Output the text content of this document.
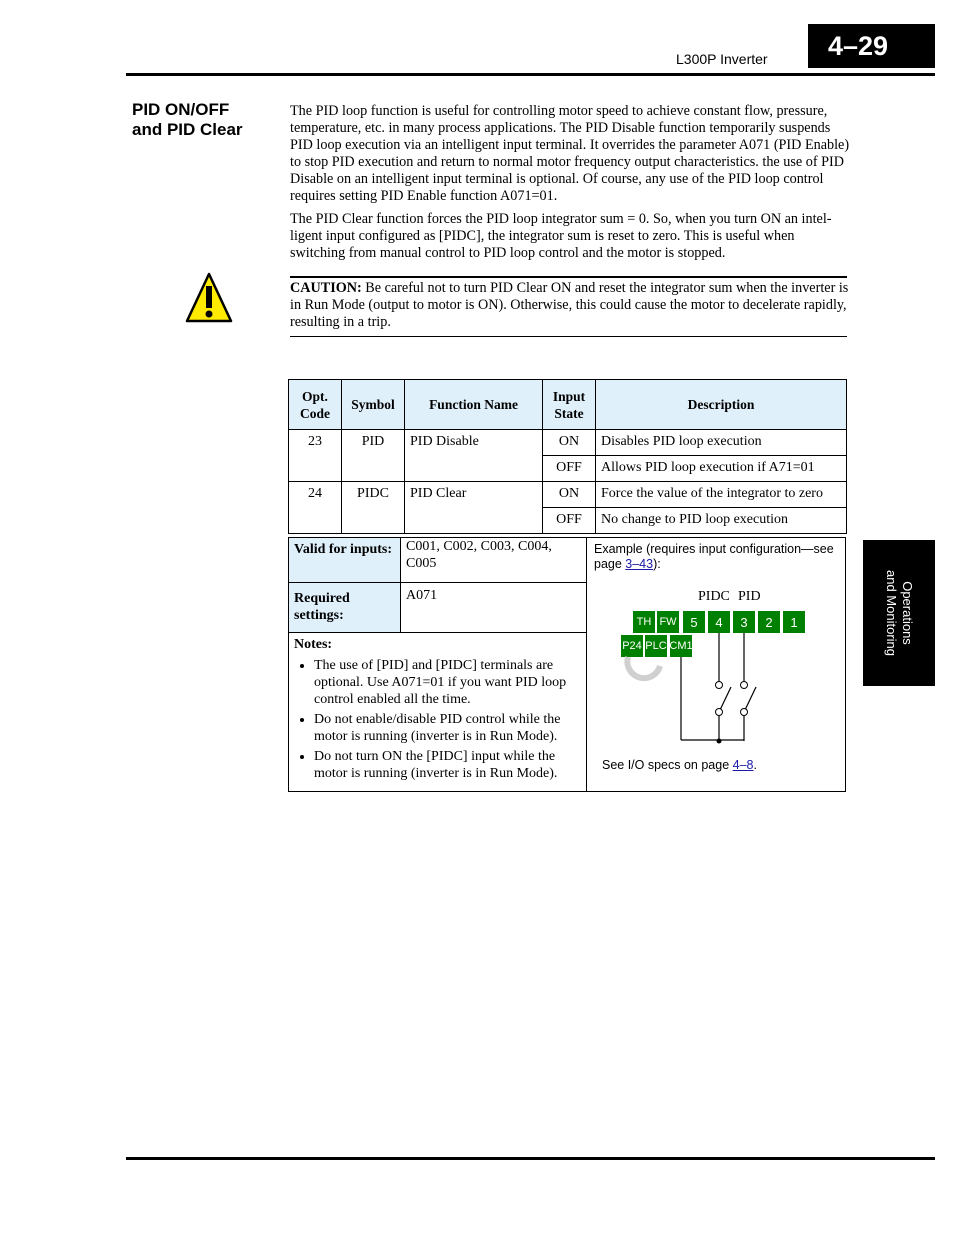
L300P Inverter	4–29
Operations
and Monitoring
PID ON/OFF
and PID Clear
The PID loop function is useful for controlling motor speed to achieve constant flow, pressure, temperature, etc. in many process applications. The PID Disable function temporarily suspends PID loop execution via an intelligent input terminal. It overrides the parameter A071 (PID Enable) to stop PID execution and return to normal motor frequency output characteristics. the use of PID Disable on an intelligent input terminal is optional. Of course, any use of the PID loop control requires setting PID Enable function A071=01.
The PID Clear function forces the PID loop integrator sum = 0. So, when you turn ON an intel-ligent input configured as [PIDC], the integrator sum is reset to zero. This is useful when switching from manual control to PID loop control and the motor is stopped.
CAUTION: Be careful not to turn PID Clear ON and reset the integrator sum when the inverter is in Run Mode (output to motor is ON). Otherwise, this could cause the motor to decelerate rapidly, resulting in a trip.
Opt. Code	Symbol	Function Name	Input State	Description
23	PID	PID Disable	ON	Disables PID loop execution
			OFF	Allows PID loop execution if A71=01
24	PIDC	PID Clear	ON	Force the value of the integrator to zero
			OFF	No change to PID loop execution
Valid for inputs: C001, C002, C003, C004, C005
Required settings:
A071
Notes:
• The use of [PID] and [PIDC] terminals are optional. Use A071=01 if you want PID loop control enabled all the time.
• Do not enable/disable PID control while the motor is running (inverter is in Run Mode).
• Do not turn ON the [PIDC] input while the motor is running (inverter is in Run Mode).
Example (requires input configuration—see page 3–43):
PIDC PID
TH FW	5	4	3	2	1
P24 PLC CM1
See I/O specs on page 4–8.
